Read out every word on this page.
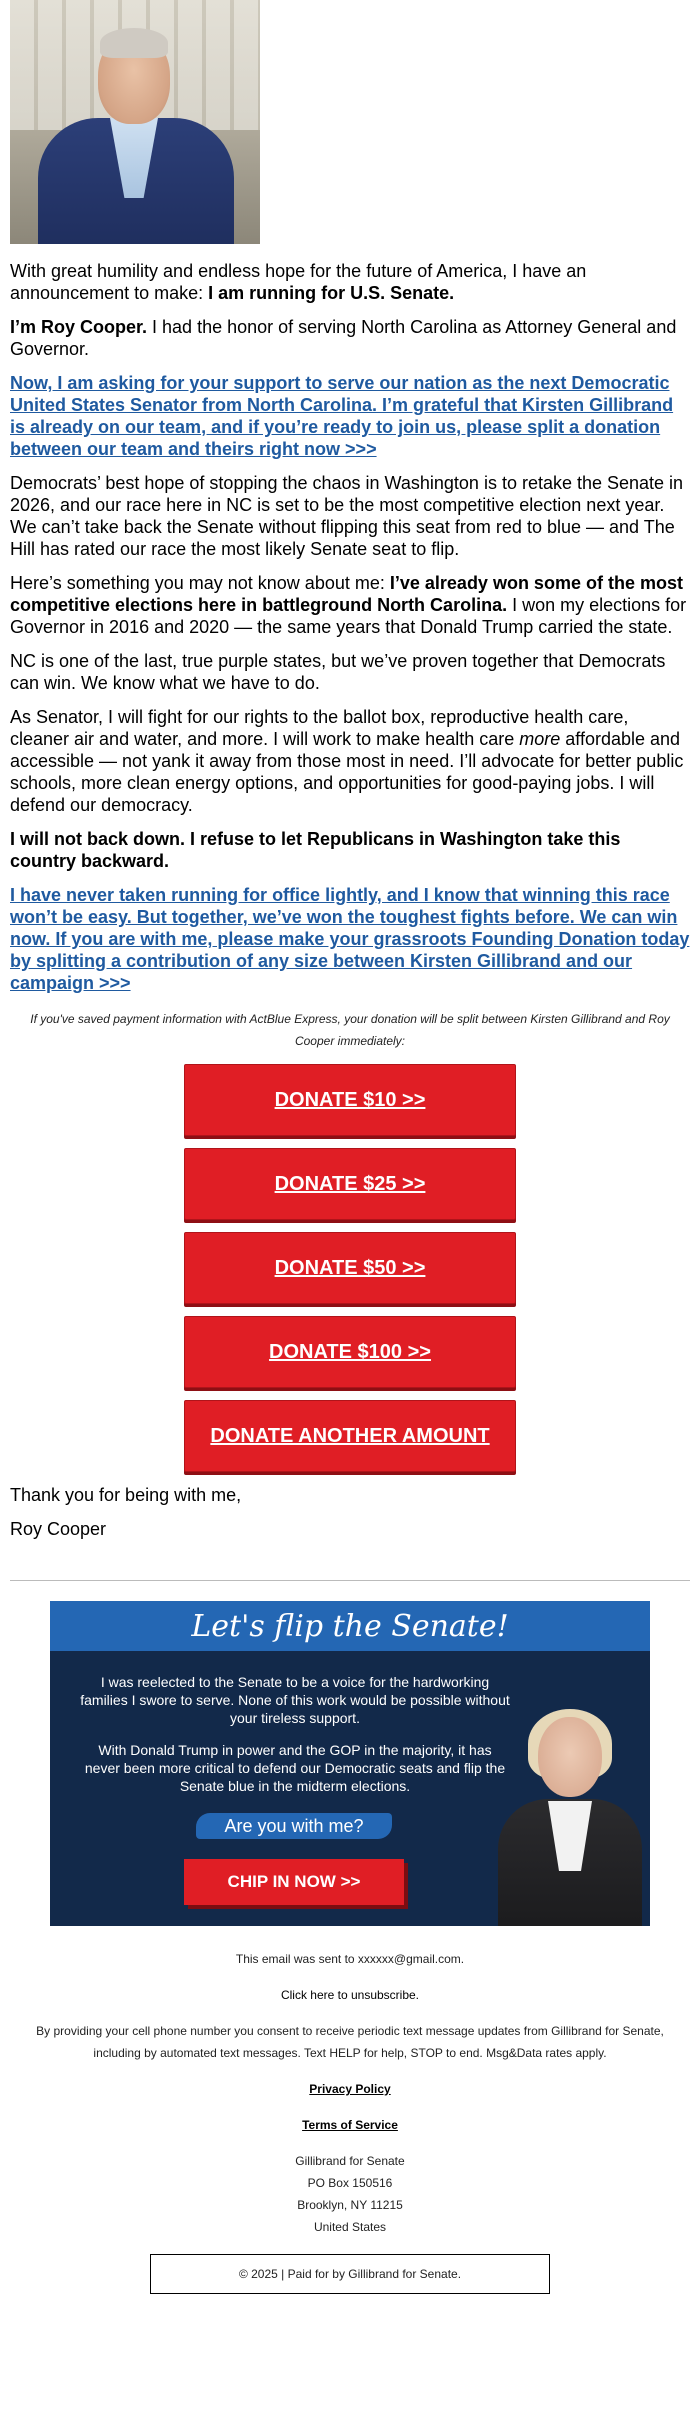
With great humility and endless hope for the future of America, I have an announcement to make: I am running for U.S. Senate.

I’m Roy Cooper. I had the honor of serving North Carolina as Attorney General and Governor.

Now, I am asking for your support to serve our nation as the next Democratic United States Senator from North Carolina. I’m grateful that Kirsten Gillibrand is already on our team, and if you’re ready to join us, please split a donation between our team and theirs right now >>>

Democrats’ best hope of stopping the chaos in Washington is to retake the Senate in 2026, and our race here in NC is set to be the most competitive election next year. We can’t take back the Senate without flipping this seat from red to blue — and The Hill has rated our race the most likely Senate seat to flip.

Here’s something you may not know about me: I’ve already won some of the most competitive elections here in battleground North Carolina. I won my elections for Governor in 2016 and 2020 — the same years that Donald Trump carried the state.

NC is one of the last, true purple states, but we’ve proven together that Democrats can win. We know what we have to do.

As Senator, I will fight for our rights to the ballot box, reproductive health care, cleaner air and water, and more. I will work to make health care more affordable and accessible — not yank it away from those most in need. I’ll advocate for better public schools, more clean energy options, and opportunities for good-paying jobs. I will defend our democracy.

I will not back down. I refuse to let Republicans in Washington take this country backward.

I have never taken running for office lightly, and I know that winning this race won’t be easy. But together, we’ve won the toughest fights before. We can win now. If you are with me, please make your grassroots Founding Donation today by splitting a contribution of any size between Kirsten Gillibrand and our campaign >>>

If you've saved payment information with ActBlue Express, your donation will be split between Kirsten Gillibrand and Roy Cooper immediately:
DONATE $10 >>
DONATE $25 >>
DONATE $50 >>
DONATE $100 >>
DONATE ANOTHER AMOUNT

Thank you for being with me,

Roy Cooper

Let's flip the Senate!

I was reelected to the Senate to be a voice for the hardworking families I swore to serve. None of this work would be possible without your tireless support.

With Donald Trump in power and the GOP in the majority, it has never been more critical to defend our Democratic seats and flip the Senate blue in the midterm elections.

Are you with me?
CHIP IN NOW >>
This email was sent to xxxxxx@gmail.com.
Click here to unsubscribe.
By providing your cell phone number you consent to receive periodic text message updates from Gillibrand for Senate, including by automated text messages. Text HELP for help, STOP to end. Msg&Data rates apply.
Privacy Policy
Terms of Service
Gillibrand for Senate
PO Box 150516
Brooklyn, NY 11215
United States
© 2025 | Paid for by Gillibrand for Senate.
